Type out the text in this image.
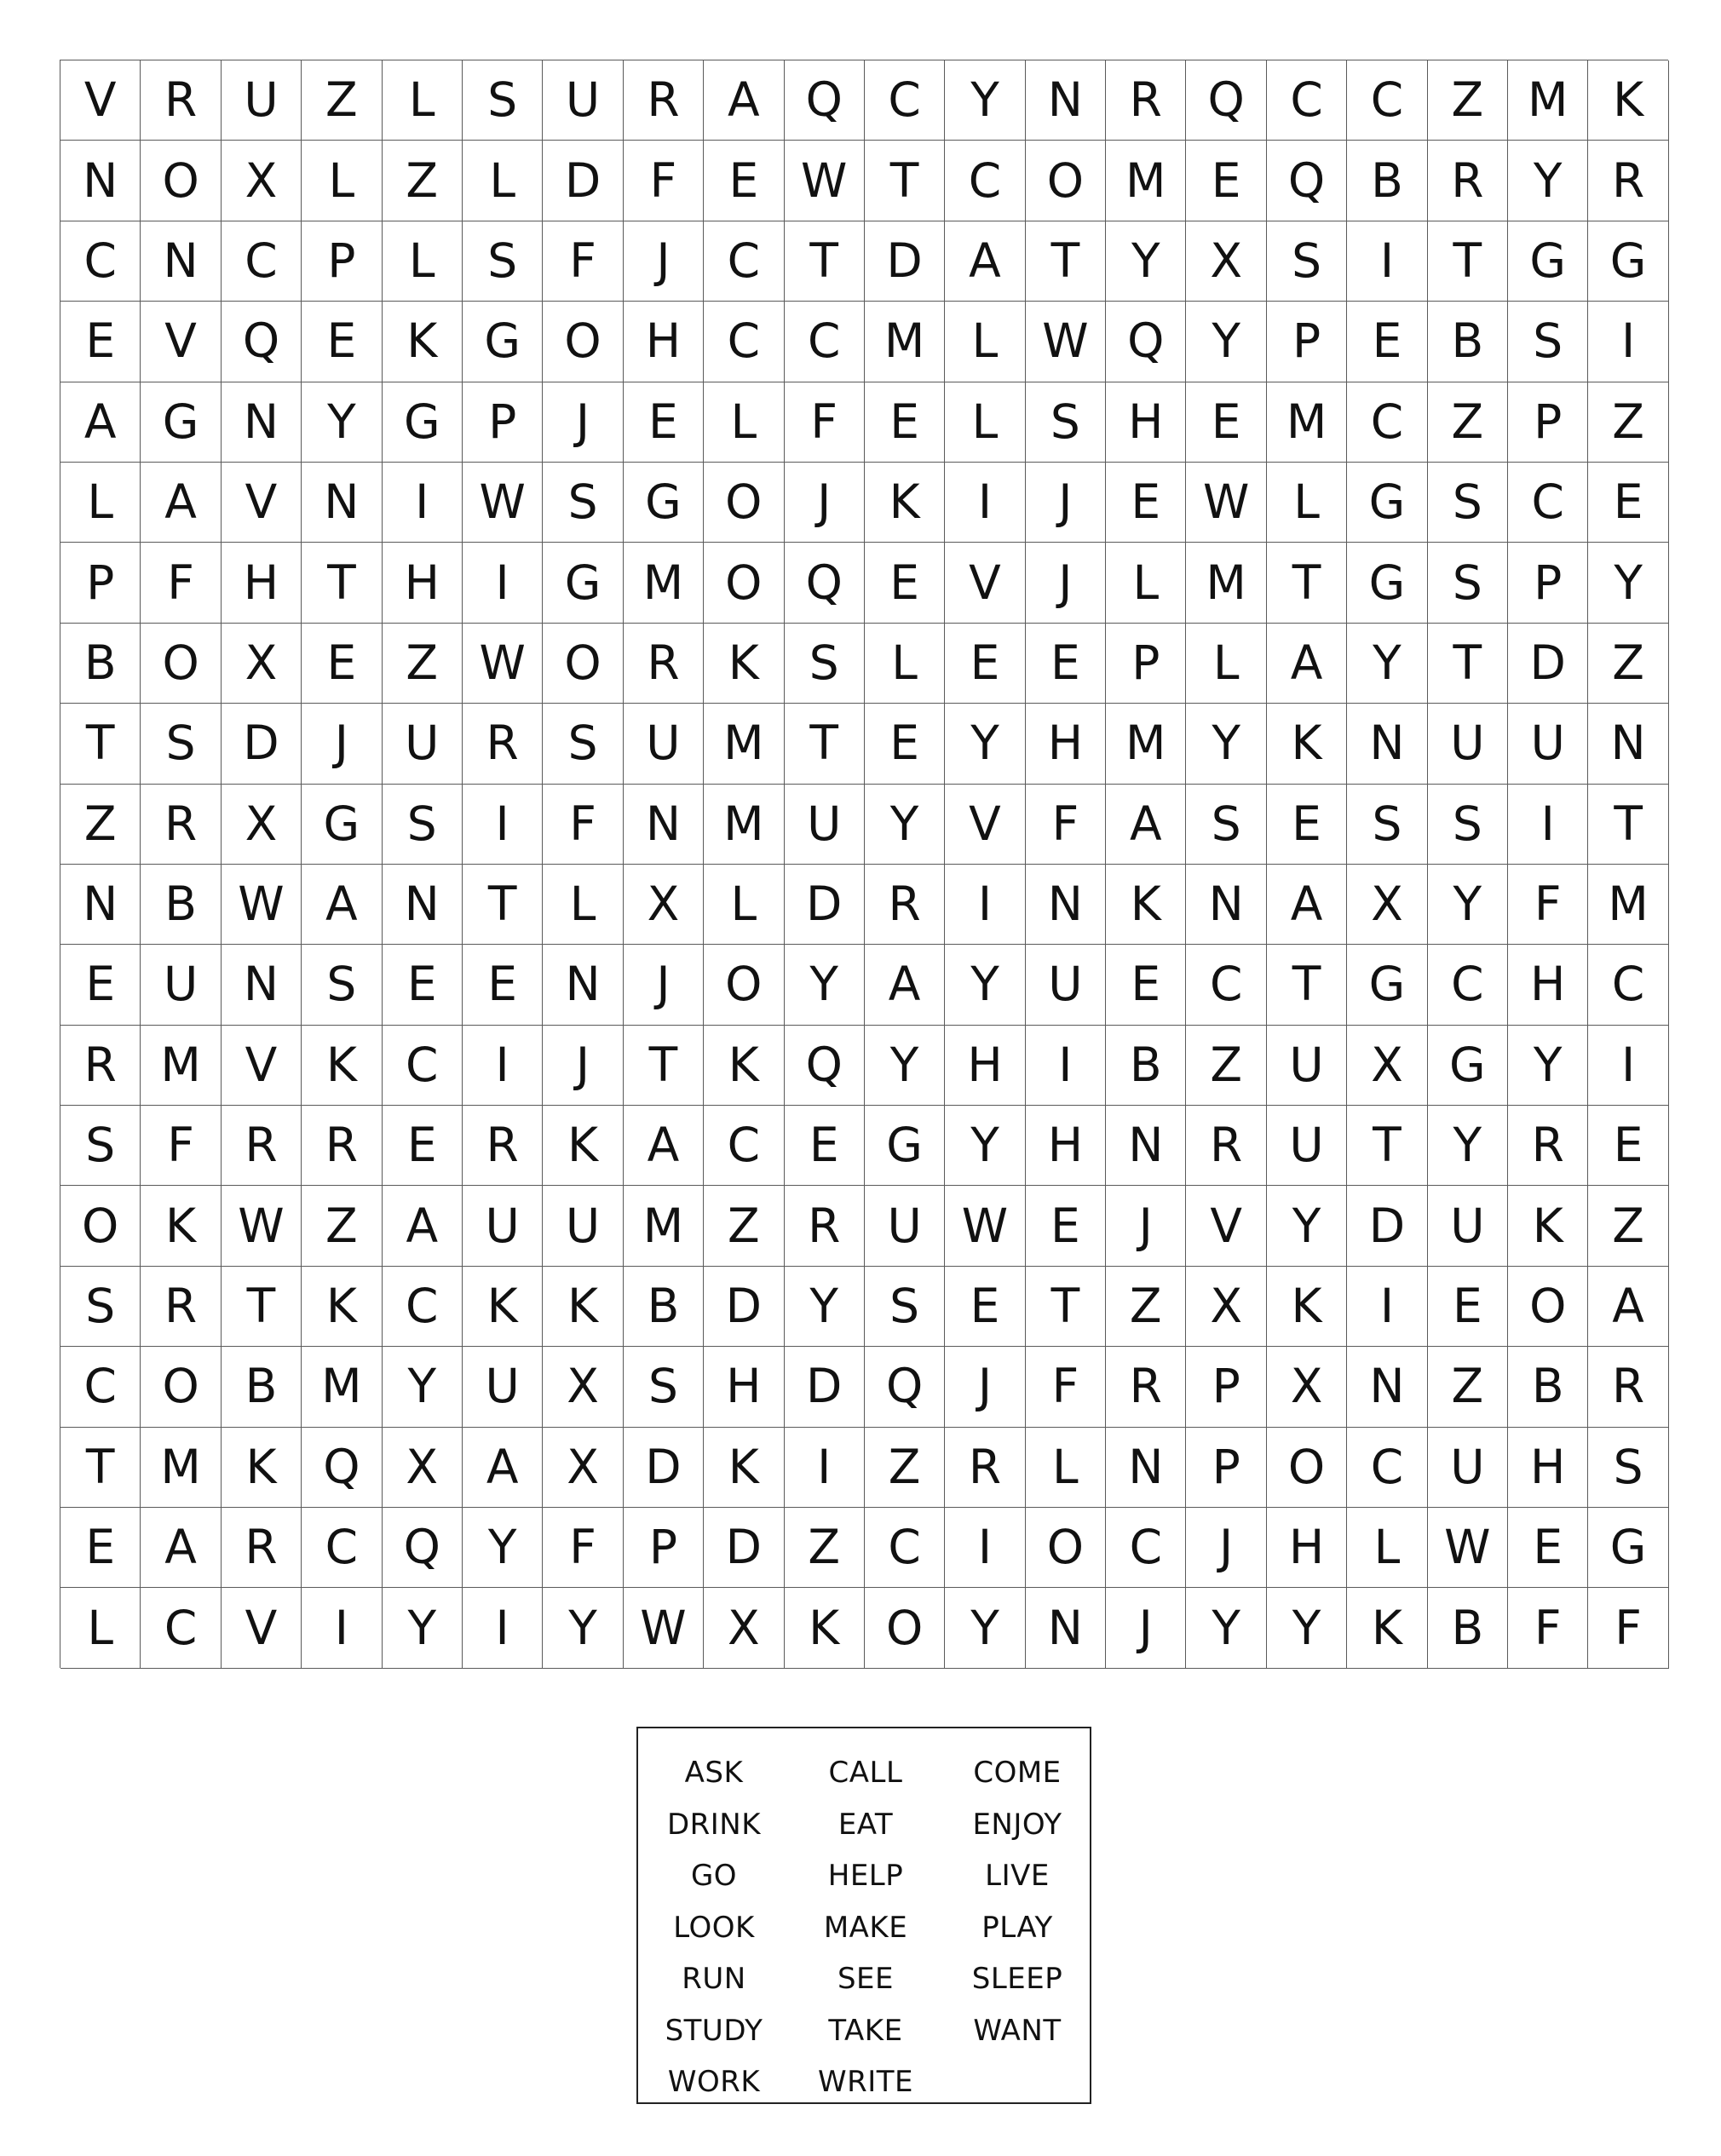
V	R	U	Z	L	S	U	R	A Q C	Y	N R Q C	C	Z M K
N O X	L	Z	L	D	F	E W T	C O M E	Q B	R	Y	R
C N C	P	L	S	F	J	C	T	D A	T	Y	X	S	I	T	G G
E	V Q	E	K	G O H C	C M	L W Q	Y	P	E	B	S	I
A G N	Y	G	P	J	E	L	F	E	L	S	H	E M C	Z	P	Z
L	A	V	N	I	W S	G O	J	K	I	J	E W L	G	S	C	E
P	F	H	T	H	I	G M O Q	E	V	J	L	M T	G	S	P	Y
B O X	E	Z W O R	K	S	L	E	E	P	L	A	Y	T	D Z
T	S	D	J	U	R	S	U M T	E	Y	H M Y	K	N U U N
Z	R	X G	S	I	F	N M U	Y	V	F	A	S	E	S	S	I	T
N B W A	N	T	L	X	L	D R	I	N	K	N	A	X	Y	F M
E	U N	S	E	E	N	J	O	Y	A	Y	U	E	C	T	G C H C
R M V	K	C	I	J	T	K Q	Y	H	I	B	Z	U	X G	Y	I
S	F	R	R	E	R	K	A	C	E	G	Y	H N R	U	T	Y	R	E
O K W Z	A	U U M Z	R	U W E	J	V	Y	D U	K	Z
S	R	T	K	C	K	K	B D	Y	S	E	T	Z	X	K	I	E	O A
C O B M Y	U	X	S	H D Q	J	F	R	P	X N Z	B	R
T M K Q X	A	X D	K	I	Z	R	L	N	P	O C	U H	S
E	A	R	C Q	Y	F	P	D Z	C	I	O C	J	H	L W E	G
L	C	V	I	Y	I	Y W X	K O	Y	N	J	Y	Y	K	B	F	F
ASK	CALL	COME
DRINK	EAT	ENJOY
GO	HELP	LIVE
LOOK	MAKE	PLAY
RUN	SEE	SLEEP
STUDY	TAKE	WANT
WORK	WRITE
